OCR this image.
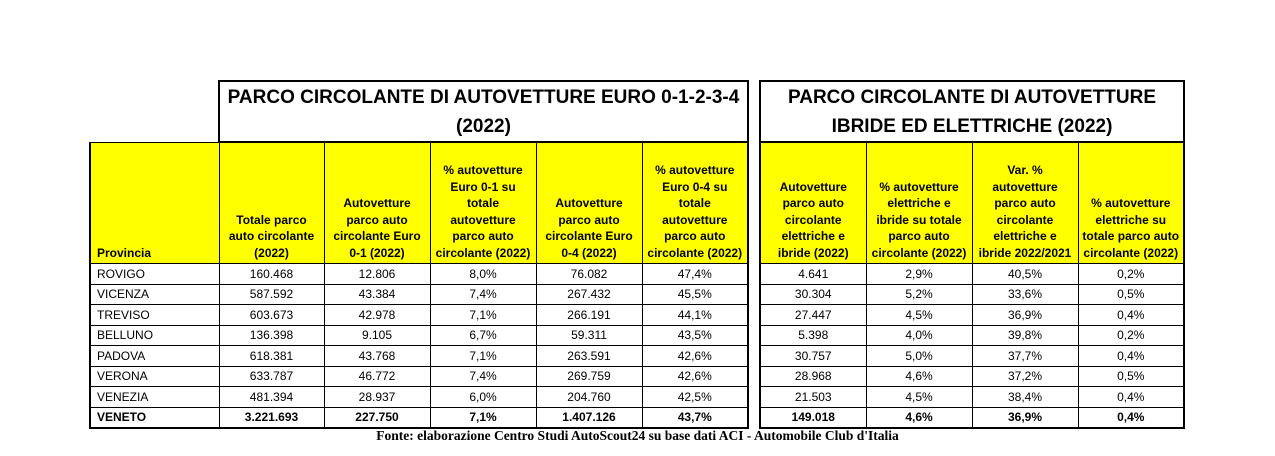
	PARCO CIRCOLANTE DI AUTOVETTURE EURO 0-1-2-3-4 (2022)				
Provincia	Totale parco auto circolante (2022)	Autovetture parco auto circolante Euro 0-1 (2022)	% autovetture Euro 0-1 su totale autovetture parco auto circolante (2022)	Autovetture parco auto circolante Euro 0-4 (2022)	% autovetture Euro 0-4 su totale autovetture parco auto circolante (2022)
ROVIGO	160.468	12.806	8,0%	76.082	47,4%
VICENZA	587.592	43.384	7,4%	267.432	45,5%
TREVISO	603.673	42.978	7,1%	266.191	44,1%
BELLUNO	136.398	9.105	6,7%	59.311	43,5%
PADOVA	618.381	43.768	7,1%	263.591	42,6%
VERONA	633.787	46.772	7,4%	269.759	42,6%
VENEZIA	481.394	28.937	6,0%	204.760	42,5%
VENETO	3.221.693	227.750	7,1%	1.407.126	43,7%
PARCO CIRCOLANTE DI AUTOVETTURE IBRIDE ED ELETTRICHE (2022)			
Autovetture parco auto circolante elettriche e ibride (2022)	% autovetture elettriche e ibride su totale parco auto circolante (2022)	Var. % autovetture parco auto circolante elettriche e ibride 2022/2021	% autovetture elettriche su totale parco auto circolante (2022)
4.641	2,9%	40,5%	0,2%
30.304	5,2%	33,6%	0,5%
27.447	4,5%	36,9%	0,4%
5.398	4,0%	39,8%	0,2%
30.757	5,0%	37,7%	0,4%
28.968	4,6%	37,2%	0,5%
21.503	4,5%	38,4%	0,4%
149.018	4,6%	36,9%	0,4%
Fonte: elaborazione Centro Studi AutoScout24 su base dati ACI - Automobile Club d'Italia
